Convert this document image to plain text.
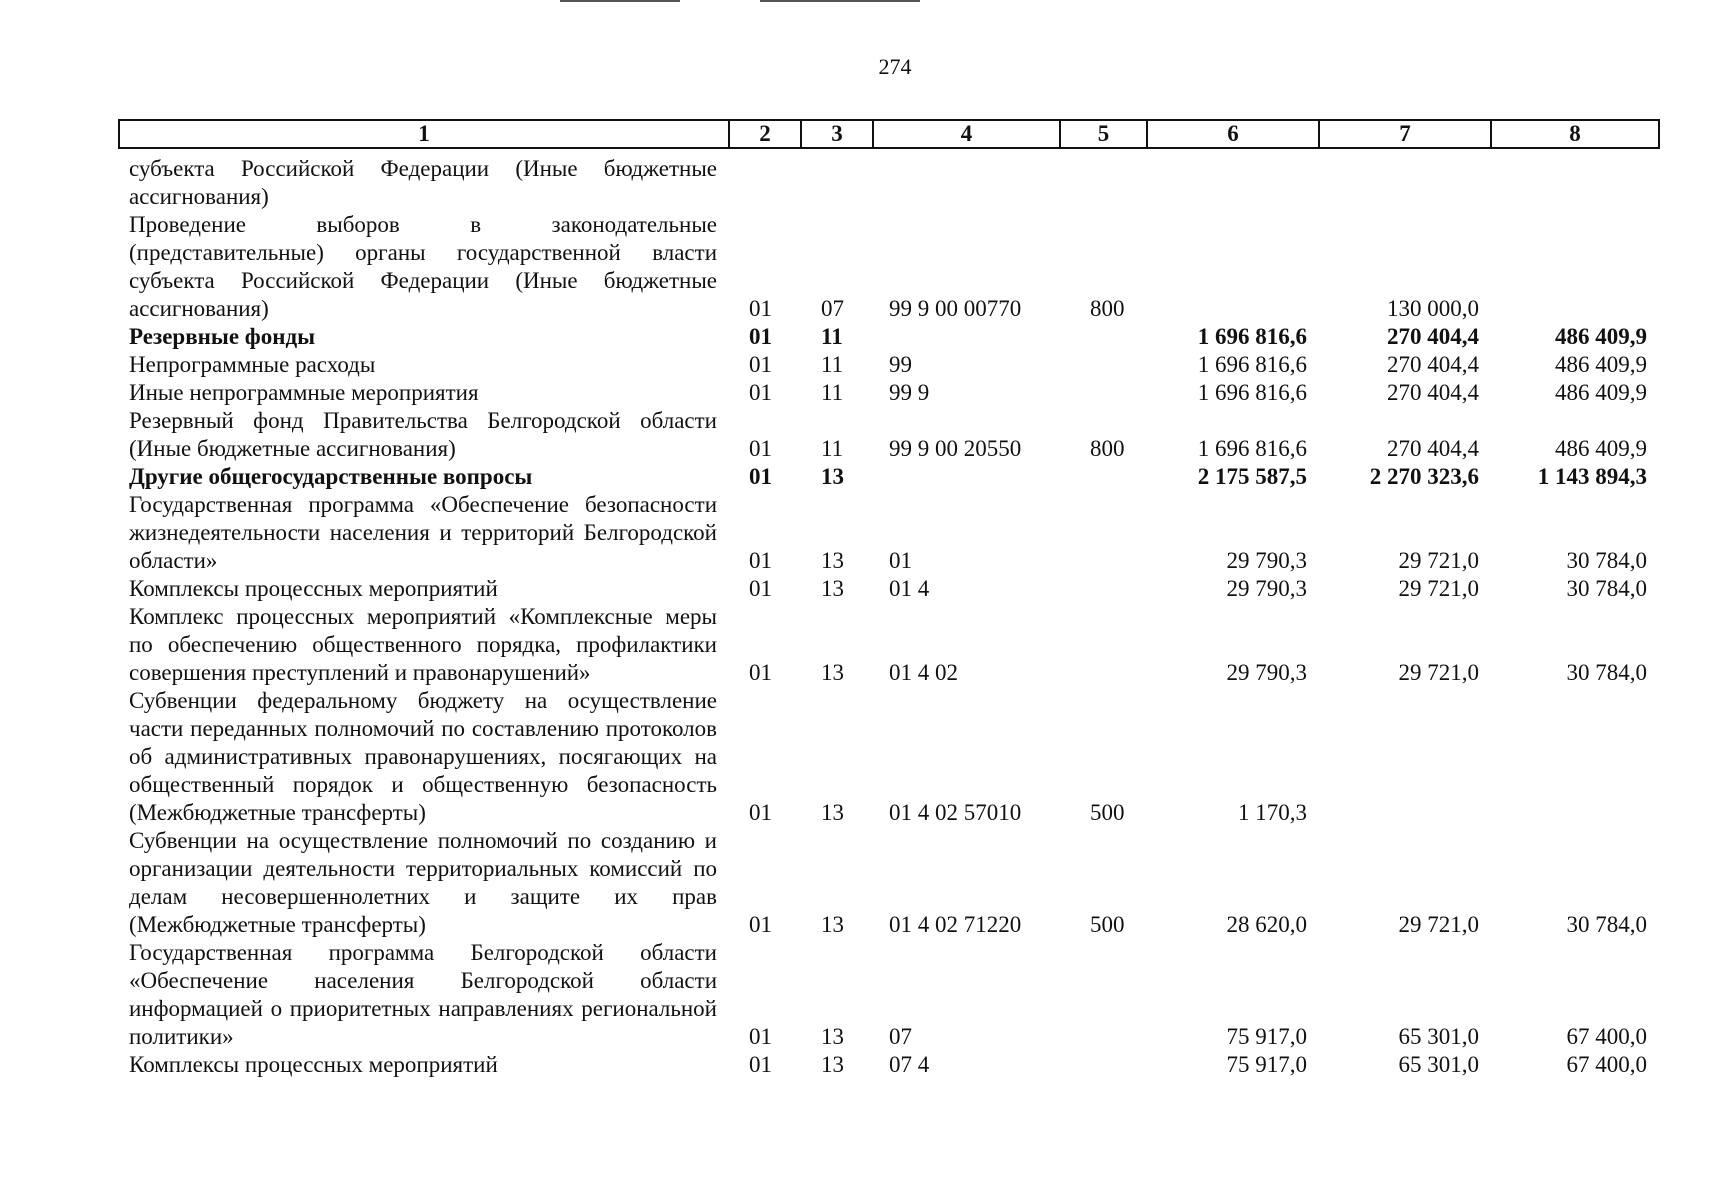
274
1	2	3	4	5	6	7	8
субъекта Российской Федерации (Иные бюджетные ассигнования)							
Проведение выборов в законодательные (представительные) органы государственной власти субъекта Российской Федерации (Иные бюджетные ассигнования)	01	07	99 9 00 00770	800		130 000,0	
Резервные фонды	01	11			1 696 816,6	270 404,4	486 409,9
Непрограммные расходы	01	11	99		1 696 816,6	270 404,4	486 409,9
Иные непрограммные мероприятия	01	11	99 9		1 696 816,6	270 404,4	486 409,9
Резервный фонд Правительства Белгородской области (Иные бюджетные ассигнования)	01	11	99 9 00 20550	800	1 696 816,6	270 404,4	486 409,9
Другие общегосударственные вопросы	01	13			2 175 587,5	2 270 323,6	1 143 894,3
Государственная программа «Обеспечение безопасности жизнедеятельности населения и территорий Белгородской области»	01	13	01		29 790,3	29 721,0	30 784,0
Комплексы процессных мероприятий	01	13	01 4		29 790,3	29 721,0	30 784,0
Комплекс процессных мероприятий «Комплексные меры по обеспечению общественного порядка, профилактики совершения преступлений и правонарушений»	01	13	01 4 02		29 790,3	29 721,0	30 784,0
Субвенции федеральному бюджету на осуществление части переданных полномочий по составлению протоколов об административных правонарушениях, посягающих на общественный порядок и общественную безопасность (Межбюджетные трансферты)	01	13	01 4 02 57010	500	1 170,3		
Субвенции на осуществление полномочий по созданию и организации деятельности территориальных комиссий по делам несовершеннолетних и защите их прав (Межбюджетные трансферты)	01	13	01 4 02 71220	500	28 620,0	29 721,0	30 784,0
Государственная программа Белгородской области «Обеспечение населения Белгородской области информацией о приоритетных направлениях региональной политики»	01	13	07		75 917,0	65 301,0	67 400,0
Комплексы процессных мероприятий	01	13	07 4		75 917,0	65 301,0	67 400,0
